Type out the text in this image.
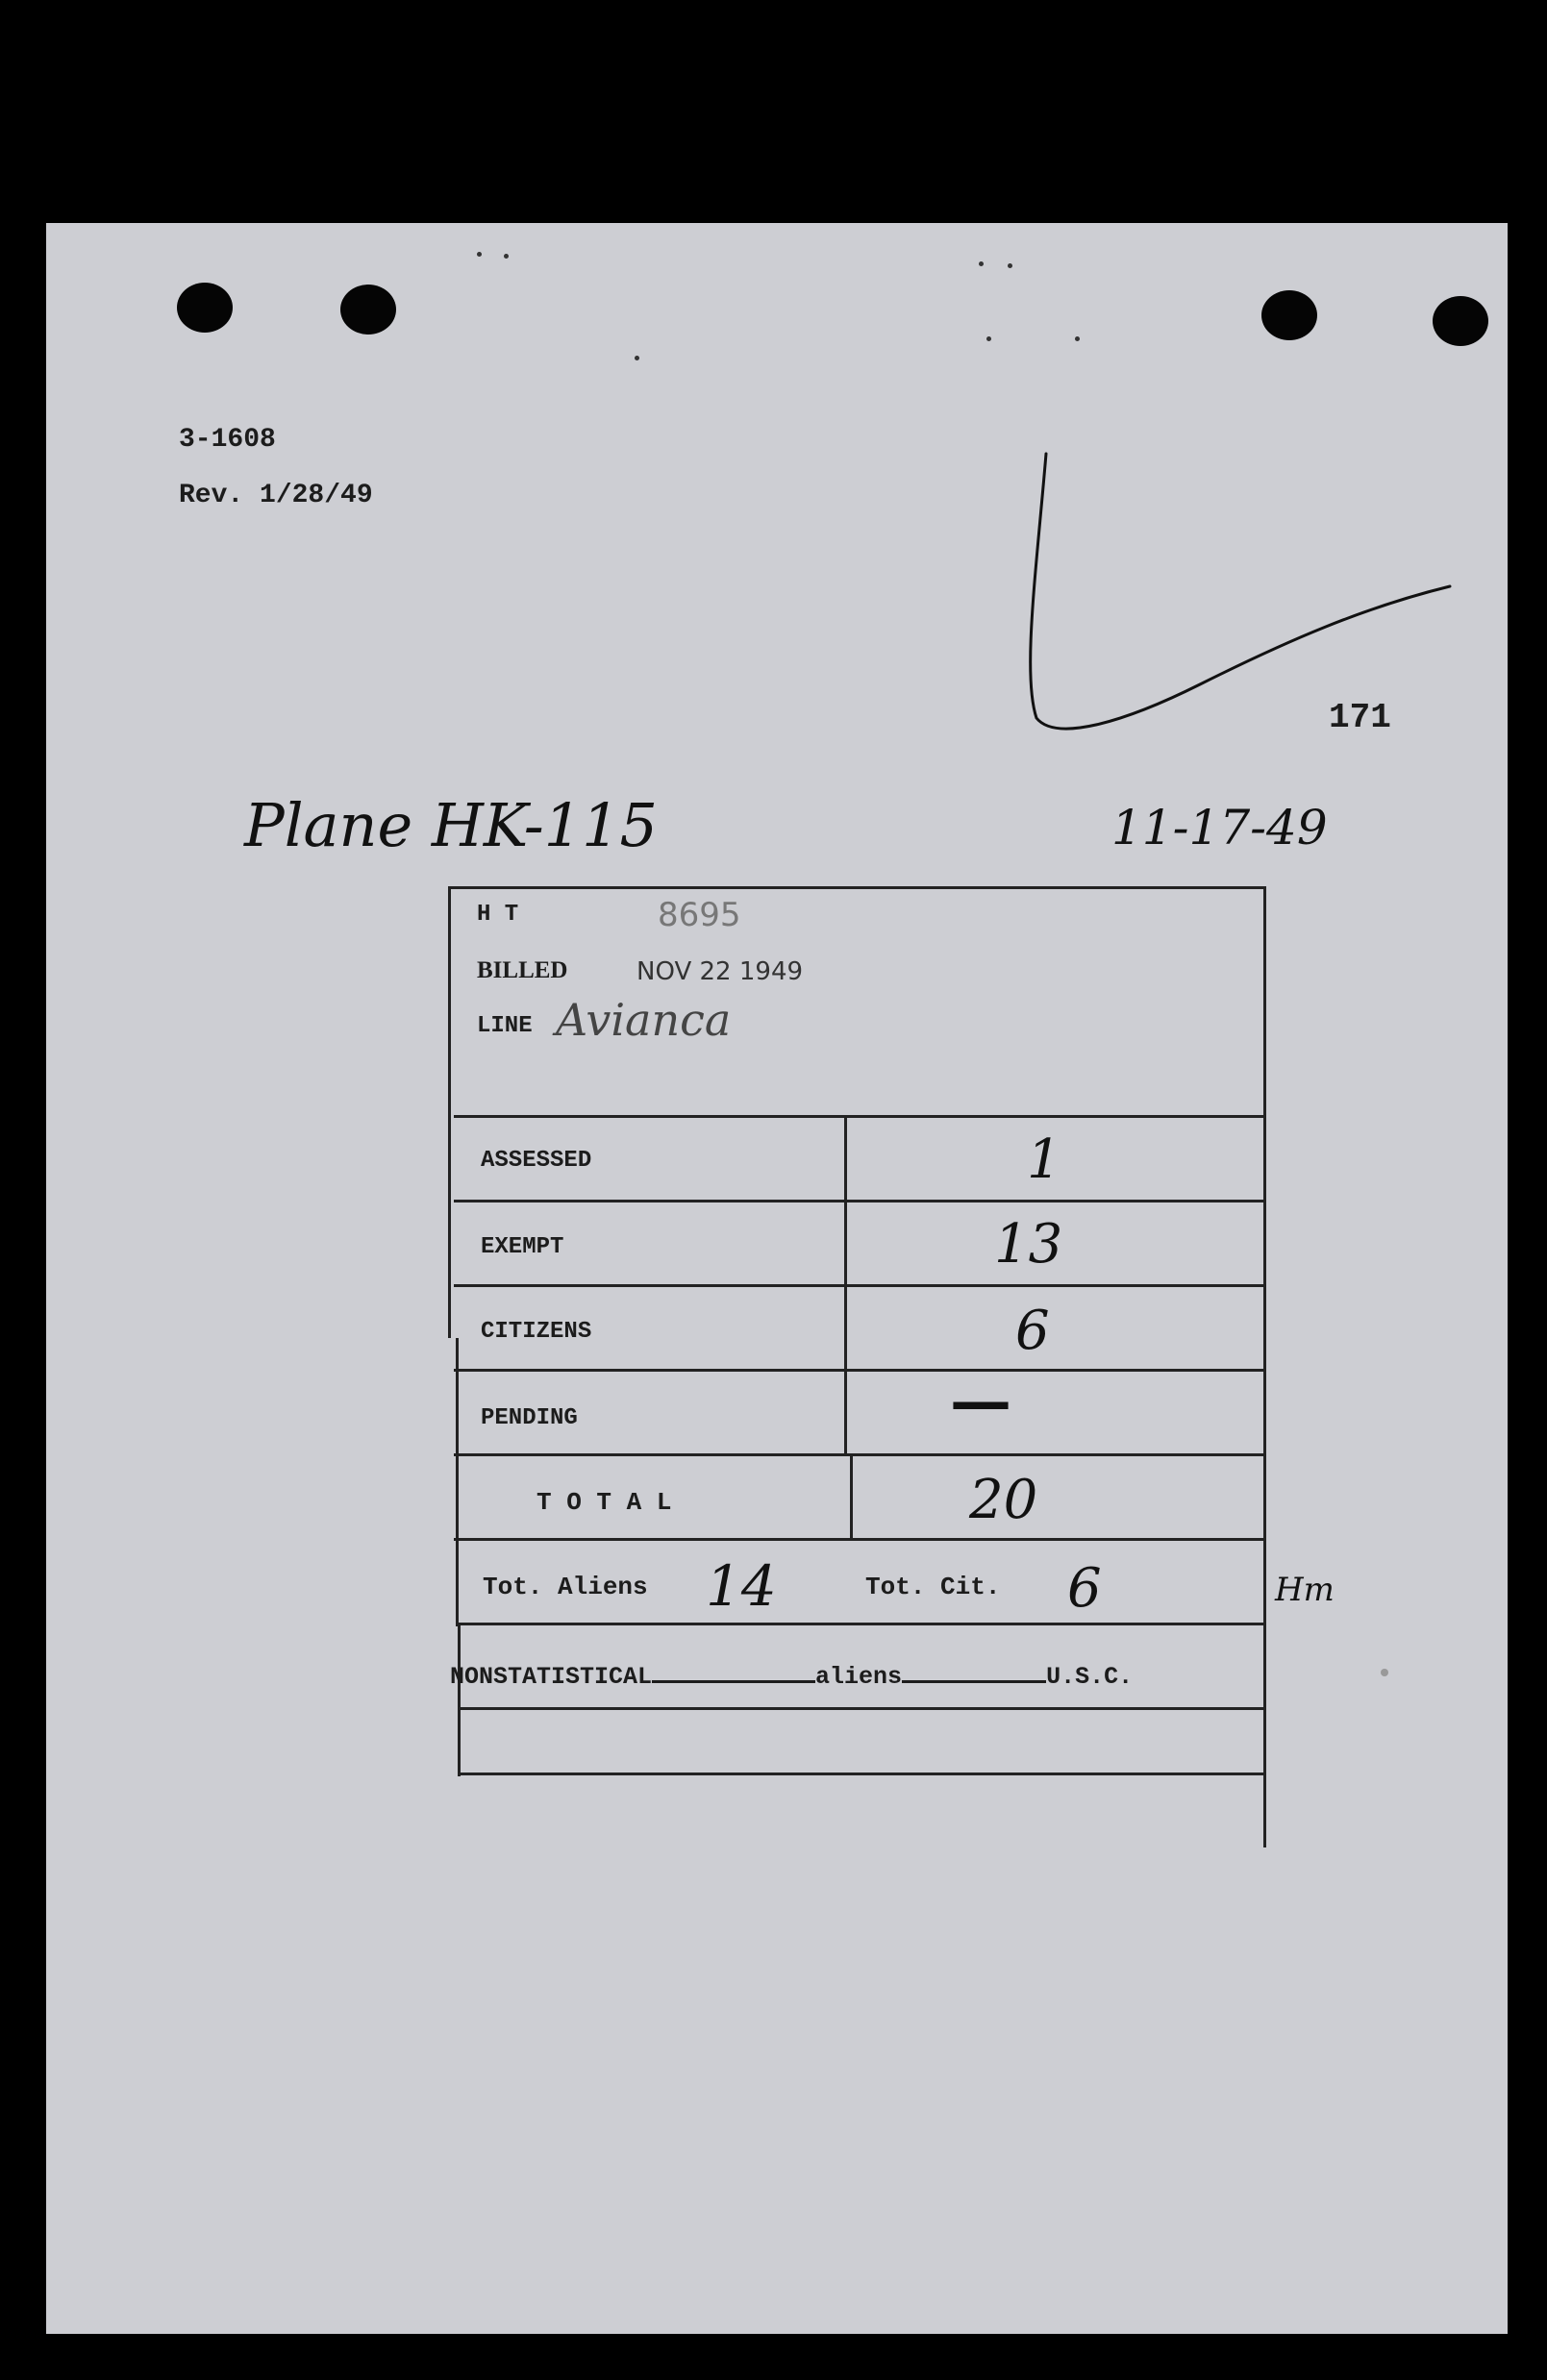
3-1608
Rev. 1/28/49
171
Plane HK-115	11-17-49
H T	8695
BILLED	NOV 22 1949
LINE Avianca
ASSESSED	1
EXEMPT	13
CITIZENS	6
PENDING	—
T O T A L	20
Tot. Aliens 14	Tot. Cit. 6	Hm
NONSTATISTICAL	aliens	U.S.C.
